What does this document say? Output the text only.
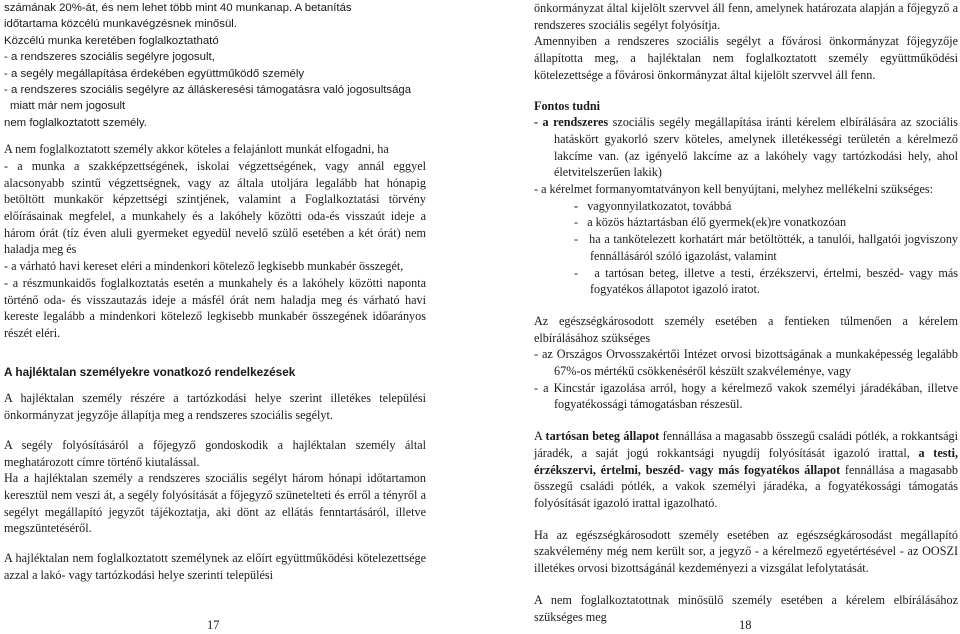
számának 20%-át, és nem lehet több mint 40 munkanap. A betanítás

időtartama közcélú munkavégzésnek minősül.

Közcélú munka keretében foglalkoztatható

- a rendszeres szociális segélyre jogosult,

- a segély megállapítása érdekében együttműködő személy

- a rendszeres szociális segélyre az álláskeresési támogatásra való jogosultsága

miatt már nem jogosult

nem foglalkoztatott személy.

A nem foglalkoztatott személy akkor köteles a felajánlott munkát elfogadni, ha

- a munka a szakképzettségének, iskolai végzettségének, vagy annál eggyel alacsonyabb szintű végzettségnek, vagy az általa utoljára legalább hat hónapig betöltött munkakör képzettségi szintjének, valamint a Foglalkoztatási törvény előírásainak megfelel, a munkahely és a lakóhely közötti oda-és visszaút ideje a három órát (tíz éven aluli gyermeket egyedül nevelő szülő esetében a két órát) nem haladja meg és

- a várható havi kereset eléri a mindenkori kötelező legkisebb munkabér összegét,

- a részmunkaidős foglalkoztatás esetén a munkahely és a lakóhely közötti naponta történő oda- és visszautazás ideje a másfél órát nem haladja meg és várható havi kereste legalább a mindenkori kötelező legkisebb munkabér összegének időarányos részét eléri.

A hajléktalan személyekre vonatkozó rendelkezések

A hajléktalan személy részére a tartózkodási helye szerint illetékes települési önkormányzat jegyzője állapítja meg a rendszeres szociális segélyt.

A segély folyósításáról a főjegyző gondoskodik a hajléktalan személy által meghatározott címre történő kiutalással.

Ha a hajléktalan személy a rendszeres szociális segélyt három hónapi időtartamon keresztül nem veszi át, a segély folyósítását a főjegyző szünetelteti és erről a tényről a segélyt megállapító jegyzőt tájékoztatja, aki dönt az ellátás fenntartásáról, illetve megszüntetéséről.

A hajléktalan nem foglalkoztatott személynek az előírt együttműködési kötelezettsége azzal a lakó- vagy tartózkodási helye szerinti települési

önkormányzat által kijelölt szervvel áll fenn, amelynek határozata alapján a főjegyző a rendszeres szociális segélyt folyósítja.

Amennyiben a rendszeres szociális segélyt a fővárosi önkormányzat főjegyzője állapította meg, a hajléktalan nem foglalkoztatott személy együttműködési kötelezettsége a fővárosi önkormányzat által kijelölt szervvel áll fenn.

Fontos tudni

- a rendszeres szociális segély megállapítása iránti kérelem elbírálására az szociális hatáskört gyakorló szerv köteles, amelynek illetékességi területén a kérelmező lakcíme van. (az igényelő lakcíme az a lakóhely vagy tartózkodási hely, ahol életvitelszerűen lakik)

- a kérelmet formanyomtatványon kell benyújtani, melyhez mellékelni szükséges:

- vagyonnyilatkozatot, továbbá
- a közös háztartásban élő gyermek(ek)re vonatkozóan
- ha a tankötelezett korhatárt már betöltötték, a tanulói, hallgatói jogviszony fennállásáról szóló igazolást, valamint
- a tartósan beteg, illetve a testi, érzékszervi, értelmi, beszéd- vagy más fogyatékos állapotot igazoló iratot.

Az egészségkárosodott személy esetében a fentieken túlmenően a kérelem elbírálásához szükséges

- az Országos Orvosszakértői Intézet orvosi bizottságának a munkaképesség legalább 67%-os mértékű csökkenéséről készült szakvéleménye, vagy

- a Kincstár igazolása arról, hogy a kérelmező vakok személyi járadékában, illetve fogyatékossági támogatásban részesül.

A tartósan beteg állapot fennállása a magasabb összegű családi pótlék, a rokkantsági járadék, a saját jogú rokkantsági nyugdíj folyósítását igazoló irattal, a testi, érzékszervi, értelmi, beszéd- vagy más fogyatékos állapot fennállása a magasabb összegű családi pótlék, a vakok személyi járadéka, a fogyatékossági támogatás folyósítását igazoló irattal igazolható.

Ha az egészségkárosodott személy esetében az egészségkárosodást megállapító szakvélemény még nem került sor, a jegyző - a kérelmező egyetértésével - az OOSZI illetékes orvosi bizottságánál kezdeményezi a vizsgálat lefolytatását.

A nem foglalkoztatottnak minősülő személy esetében a kérelem elbírálásához szükséges meg

17	18
